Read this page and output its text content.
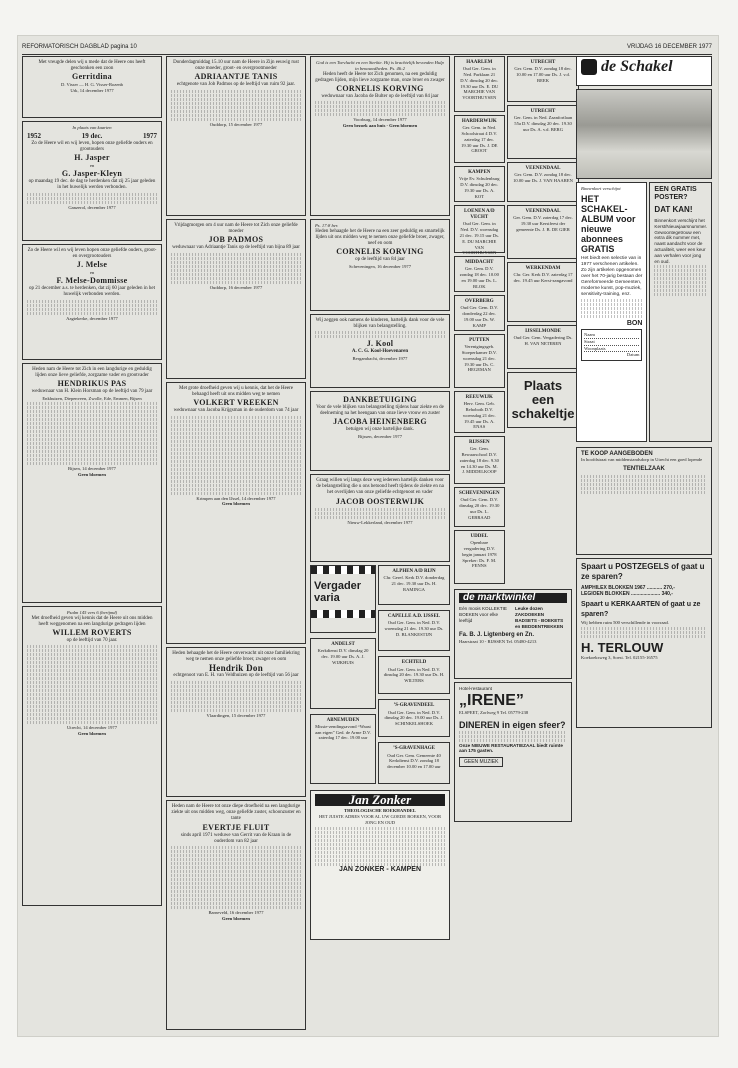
REFORMATORISCH DAGBLAD pagina 10	VRIJDAG 16 DECEMBER 1977
Met vreugde delen wij u mede dat de Heere ons heeft geschonken een zoon
Gerritdina
D. Visser — H. G. Visser-Rozenb
Urk, 14 december 1977
In plaats van kaarten
1952	19 dec.	1977
Zo de Heere wil en wij leven, hopen onze geliefde ouders en grootouders
H. Jasper
en
G. Jasper-Kleyn
op maandag 19 dec. de dag te herdenken dat zij 25 jaar geleden in het huwelijk werden verbonden.
Ganzerol, december 1977
Zo de Heere wil en wij leven hopen onze geliefde ouders, groot- en overgrootouders
J. Melse
en
F. Melse-Dommisse
op 21 december a.s. te herdenken, dat zij 60 jaar geleden in het huwelijk verbonden werden.
Aagtekerke, december 1977
Heden nam de Heere tot Zich in een langdurige en geduldig lijden onze lieve geliefde, zorgzame vader en grootvader
HENDRIKUS PAS
weduwnaar van H. Klein Horsman op de leeftijd van 79 jaar
Enkhuizen, Diepenveen, Zwolle, Ede, Emmen, Bijsen
Bijsen, 14 december 1977
Geen bloemen
Psalm 145 vers 6 (berijmd)
Met droefheid geven wij kennis dat de Heere uit ons midden heeft weggenomen na een langdurige gedragen lijden
WILLEM ROVERTS
op de leeftijd van 70 jaar.
Utrecht, 14 december 1977
Geen bloemen
Donderdagmiddag 15.10 uur nam de Heere in Zijn eeuwig rust onze moeder, groot- en overgrootmoeder
ADRIAANTJE TANIS
echtgenote van Job Padmos op de leeftijd van ruim 92 jaar.
Ouddorp, 15 december 1977
Vrijdagmorgen om 4 uur nam de Heere tot Zich onze geliefde moeder
JOB PADMOS
weduwnaar van Adriaantje Tanis op de leeftijd van bijna 89 jaar
Ouddorp, 16 december 1977
Met grote droefheid geven wij u kennis, dat het de Heere behaagd heeft uit ons midden weg te nemen
VOLKERT VREEKEN
weduwnaar van Jacoba Krijgsman in de ouderdom van 74 jaar
Krimpen aan den IJssel, 14 december 1977
Geen bloemen
Heden behaagde het de Heere onverwacht uit onze familiekring weg te nemen onze geliefde broer, zwager en oom
Hendrik Don
echtgenoot van E. H. van Veldhuizen op de leeftijd van 56 jaar
Vlaardingen, 15 december 1977
Heden nam de Heere tot onze diepe droefheid na een langdurige ziekte uit ons midden weg, onze geliefde zuster, schoonzuster en tante
EVERTJE FLUIT
sinds april 1971 weduwe van Gerrit van de Kraan in de ouderdom van 82 jaar
Barneveld, 16 december 1977
Geen bloemen
God is een Toevlucht en een Sterkte. Hij is krachtelijk bevonden Hulp in benauwdheden. Ps. 46:2
Heden heeft de Heere tot Zich genomen, na een geduldig gedragen lijden, mijn lieve zorgzame man, onze broer en zwager
CORNELIS KORVING
weduwnaar van Jacoba de Bulter op de leeftijd van 84 jaar
Voorburg, 14 december 1977
Geen bezoek aan huis - Geen bloemen
Ps. 17:8 ber.
Heden behaagde het de Heere na een zeer geduldig en smartelijk lijden uit ons midden weg te nemen onze geliefde broer, zwager, neef en oom
CORNELIS KORVING
op de leeftijd van 84 jaar
Scheveningen, 16 december 1977
Wij zeggen ook namens de kinderen, hartelijk dank voor de vele blijken van belangstelling.
J. Kool
A. C. G. Kool-Hoevenaren
Bergambacht, december 1977
DANKBETUIGING
Voor de vele blijken van belangstelling tijdens haar ziekte en de deelneming na het heengaan van onze lieve vrouw en zuster
JACOBA HEINENBERG
betuigen wij onze hartelijke dank.
Bijssen, december 1977
Graag willen wij langs deze weg iedereen hartelijk danken voor de belangstelling die u ons betoond heeft tijdens de ziekte en na het overlijden van onze geliefde echtgenoot en vader
JACOB OOSTERWIJK
Nieuw-Lekkerland, december 1977
Vergader varia
ANDELST
Kerkdienst D.V. dinsdag 20 dec. 19.00 uur Ds. A. J. WIJKHUIS
ABNEMUDEN
Missie-zendingsavond “Waast aan eigen” Ged. de Arme D.V. zaterdag 17 dec. 19.00 uur
ALPHEN A/D RIJN
Chr. Geref. Kerk D.V. donderdag 21 dec. 19.30 uur Ds. H. RAMINGA
CAPELLE A.D. IJSSEL
Oud Ger. Gem. in Ned. D.V. woensdag 21 dec. 19.30 uur Ds. D. BLANKESTIJN
ECHTELD
Oud Ger. Gem. in Ned. D.V. dinsdag 20 dec. 19.30 uur Ds. H. WILTERS
’S-GRAVENDEEL
Oud Ger. Gem. in Ned. D.V. dinsdag 20 dec. 19.00 uur Ds. J. SCHINKELSHOEK
’S-GRAVENHAGE
Oud Ger. Gem. Gemeente 40 Kerkdienst D.V. zondag 18 december 10.00 en 17.00 uur
Jan Zonker
THEOLOGISCHE BOEKHANDEL
HET JUISTE ADRES VOOR AL UW GOEDE BOEKEN, VOOR JONG EN OUD
JAN ZONKER - KAMPEN
HAARLEM
Oud Ger. Gem. in Ned. Parklaan 21 D.V. dinsdag 20 dec. 19.30 uur Ds. E. DU MARCHIE VAN VOORTHUYSEN
HARDERWIJK
Ger. Gem. in Ned. Schoolstraat 4 D.V. zaterdag 17 dec. 19.30 uur Ds. J. DE GROOT
KAMPEN
Vrije Ev. Schulenburg D.V. dinsdag 20 dec. 19.30 uur Ds. A. KOT
LOENEN A/D VECHT
Oud Ger. Gem. in Ned. D.V. woensdag 21 dec. 19.15 uur Ds. E. DU MARCHIE VAN VOORTHUYSEN
MIDDACHT
Ger. Gem. D.V. zondag 18 dec. 10.00 en 19.00 uur Ds. L. BLOK
OVERBERG
Oud Ger. Gem. D.V. donderdag 22 dec. 19.00 uur Ds. W. KAMP
PUTTEN
Verenigingsgeb. Stoeperkamer D.V. woensdag 21 dec. 19.30 uur Ds. C. HEGEMAN
REEUWIJK
Herv. Gem. Geb. Rehoboth D.V. woensdag 21 dec. 19.45 uur Ds. A. ENAS
RIJSSEN
Ger. Gem. Bewaarschool D.V. zaterdag 18 dec. 9.30 en 14.30 uur Ds. M. J. MIDDELKOOP
SCHEVENINGEN
Oud Ger. Gem. D.V. dinsdag 20 dec. 19.30 uur Ds. L. GEBRAAD
UDDEL
Openbare vergadering D.V. begin januari 1978 Spreker: Ds. F. M. FENNS
UTRECHT
Ger. Gem. D.V. zondag 18 dec. 10.00 en 17.00 uur Ds. J. v.d. BEEK
UTRECHT
Ger. Gem. in Ned. Zaanfortlaan 55a D.V. dinsdag 20 dec. 19.30 uur Ds. A. v.d. BERG
VEENENDAAL
Ger. Gem. D.V. zondag 18 dec. 10.00 uur Ds. J. VAN HAAREN
VEENENDAAL
Ger. Gem. D.V. zaterdag 17 dec. 19.30 uur Kerstfeest der gemeente Ds. J. B. DE GIER
WERKENDAM
Chr. Ger. Kerk D.V. zaterdag 17 dec. 19.45 uur Kerst-zangavond
IJSSELMONDE
Oud Ger. Gem. Vergadering Ds. H. VAN NETEREN
Plaats een schakeltje
de marktwinkel
Eén moois KOLLEKTIE BOEKEN voor elke leeftijd
Leuke dozen ZAKDOEKEN BADSETS - BOEKETS en BEDDENTREKKEN
Fa. B. J. Ligtenberg en Zn.
Haarstraat 10 - RIJSSEN Tel. 05480-4213
Hotel-restaurant
„IRENE”
ELSPEET, Zorlweg 9 Tel. 05779-238
DINEREN in eigen sfeer?
Onze NIEUWE RESTAURATIEZAAL biedt ruimte aan 175 gasten.
GEEN MUZIEK
de Schakel
Binnenkort verschijnt
HET SCHAKEL-ALBUM voor nieuwe abonnees GRATIS
Het biedt een selectie van in 1977 verschenen artikelen. Zo zijn artikelen opgenomen over het 70-jarig bestaan der Gereformeerde Gemeenten, moderne kunst, pop-muziek, sensitivity-training, enz.
BON
Naam
Straat
Woonplaats
Datum
EEN GRATIS POSTER?
DAT KAN!
Binnenkort verschijnt het Kerst/Nieuwjaarsnummer. Gewoontegetrouw een extra dik nummer met, naast aandacht voor de actualiteit, weer een keur aan verhalen voor jong en oud.
TE KOOP AANGEBODEN
In hoofdstraat van middenstandsdorp in Utrecht een goed lopende
TENTIELZAAK
Spaart u POSTZEGELS of gaat u ze sparen?
AMPHILEX BLOKKEN 1967 ........... 270,-
LEGIOEN BLOKKEN ..................... 340,-
Spaart u KERKAARTEN of gaat u ze sparen?
Wij hebben ruim 500 verschillende in voorraad.
H. TERLOUW
Koekoeksweg 3, Soest. Tel. 02155-16575
